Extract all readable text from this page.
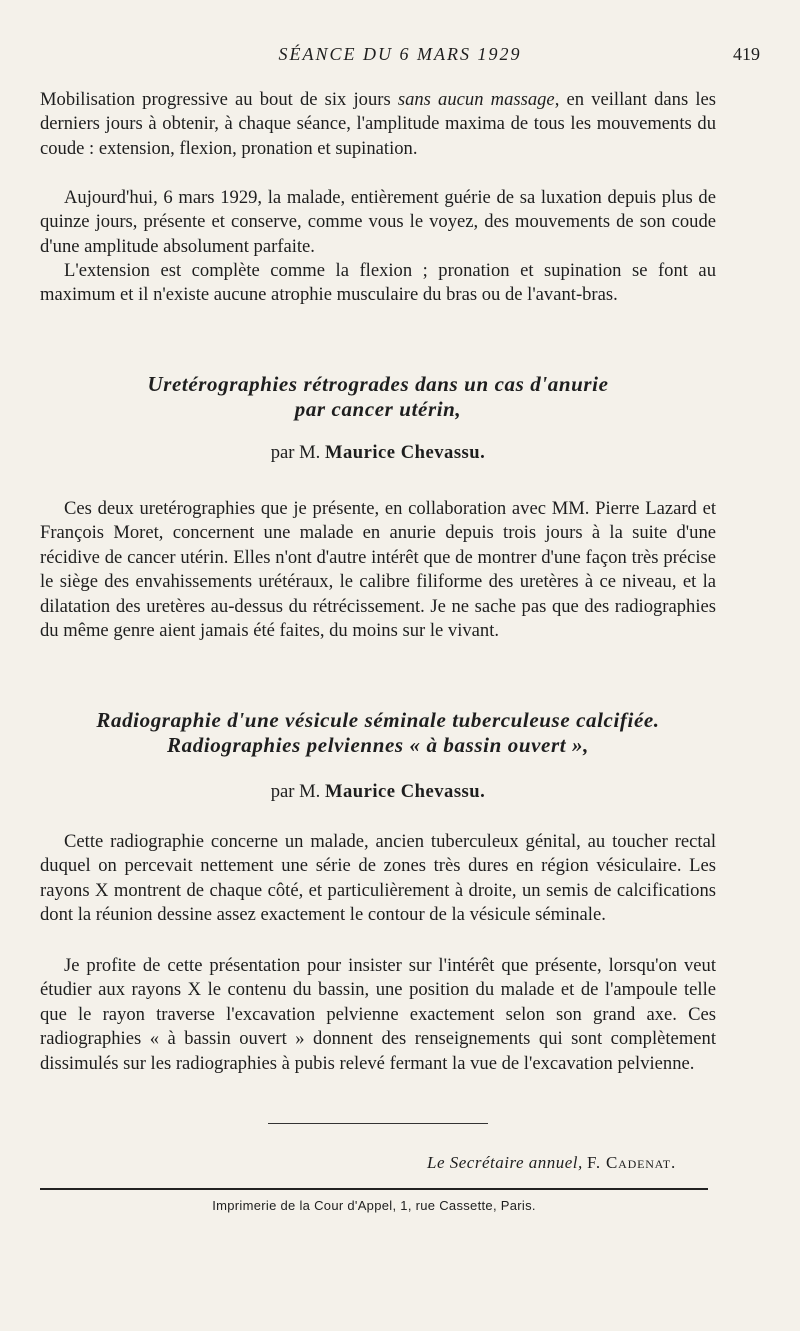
SÉANCE DU 6 MARS 1929	419

Mobilisation progressive au bout de six jours sans aucun massage, en veillant dans les derniers jours à obtenir, à chaque séance, l'amplitude maxima de tous les mouvements du coude : extension, flexion, pronation et supination.

Aujourd'hui, 6 mars 1929, la malade, entièrement guérie de sa luxation depuis plus de quinze jours, présente et conserve, comme vous le voyez, des mouvements de son coude d'une amplitude absolument parfaite.

L'extension est complète comme la flexion ; pronation et supination se font au maximum et il n'existe aucune atrophie musculaire du bras ou de l'avant-bras.

Uretérographies rétrogrades dans un cas d'anurie
par cancer utérin,

par M. Maurice Chevassu.

Ces deux uretérographies que je présente, en collaboration avec MM. Pierre Lazard et François Moret, concernent une malade en anurie depuis trois jours à la suite d'une récidive de cancer utérin. Elles n'ont d'autre intérêt que de montrer d'une façon très précise le siège des envahissements urétéraux, le calibre filiforme des uretères à ce niveau, et la dilatation des uretères au-dessus du rétrécissement. Je ne sache pas que des radiographies du même genre aient jamais été faites, du moins sur le vivant.

Radiographie d'une vésicule séminale tuberculeuse calcifiée.
Radiographies pelviennes « à bassin ouvert »,

par M. Maurice Chevassu.

Cette radiographie concerne un malade, ancien tuberculeux génital, au toucher rectal duquel on percevait nettement une série de zones très dures en région vésiculaire. Les rayons X montrent de chaque côté, et particulièrement à droite, un semis de calcifications dont la réunion dessine assez exactement le contour de la vésicule séminale.

Je profite de cette présentation pour insister sur l'intérêt que présente, lorsqu'on veut étudier aux rayons X le contenu du bassin, une position du malade et de l'ampoule telle que le rayon traverse l'excavation pelvienne exactement selon son grand axe. Ces radiographies « à bassin ouvert » donnent des renseignements qui sont complètement dissimulés sur les radiographies à pubis relevé fermant la vue de l'excavation pelvienne.

Le Secrétaire annuel, F. Cadenat.

Imprimerie de la Cour d'Appel, 1, rue Cassette, Paris.
